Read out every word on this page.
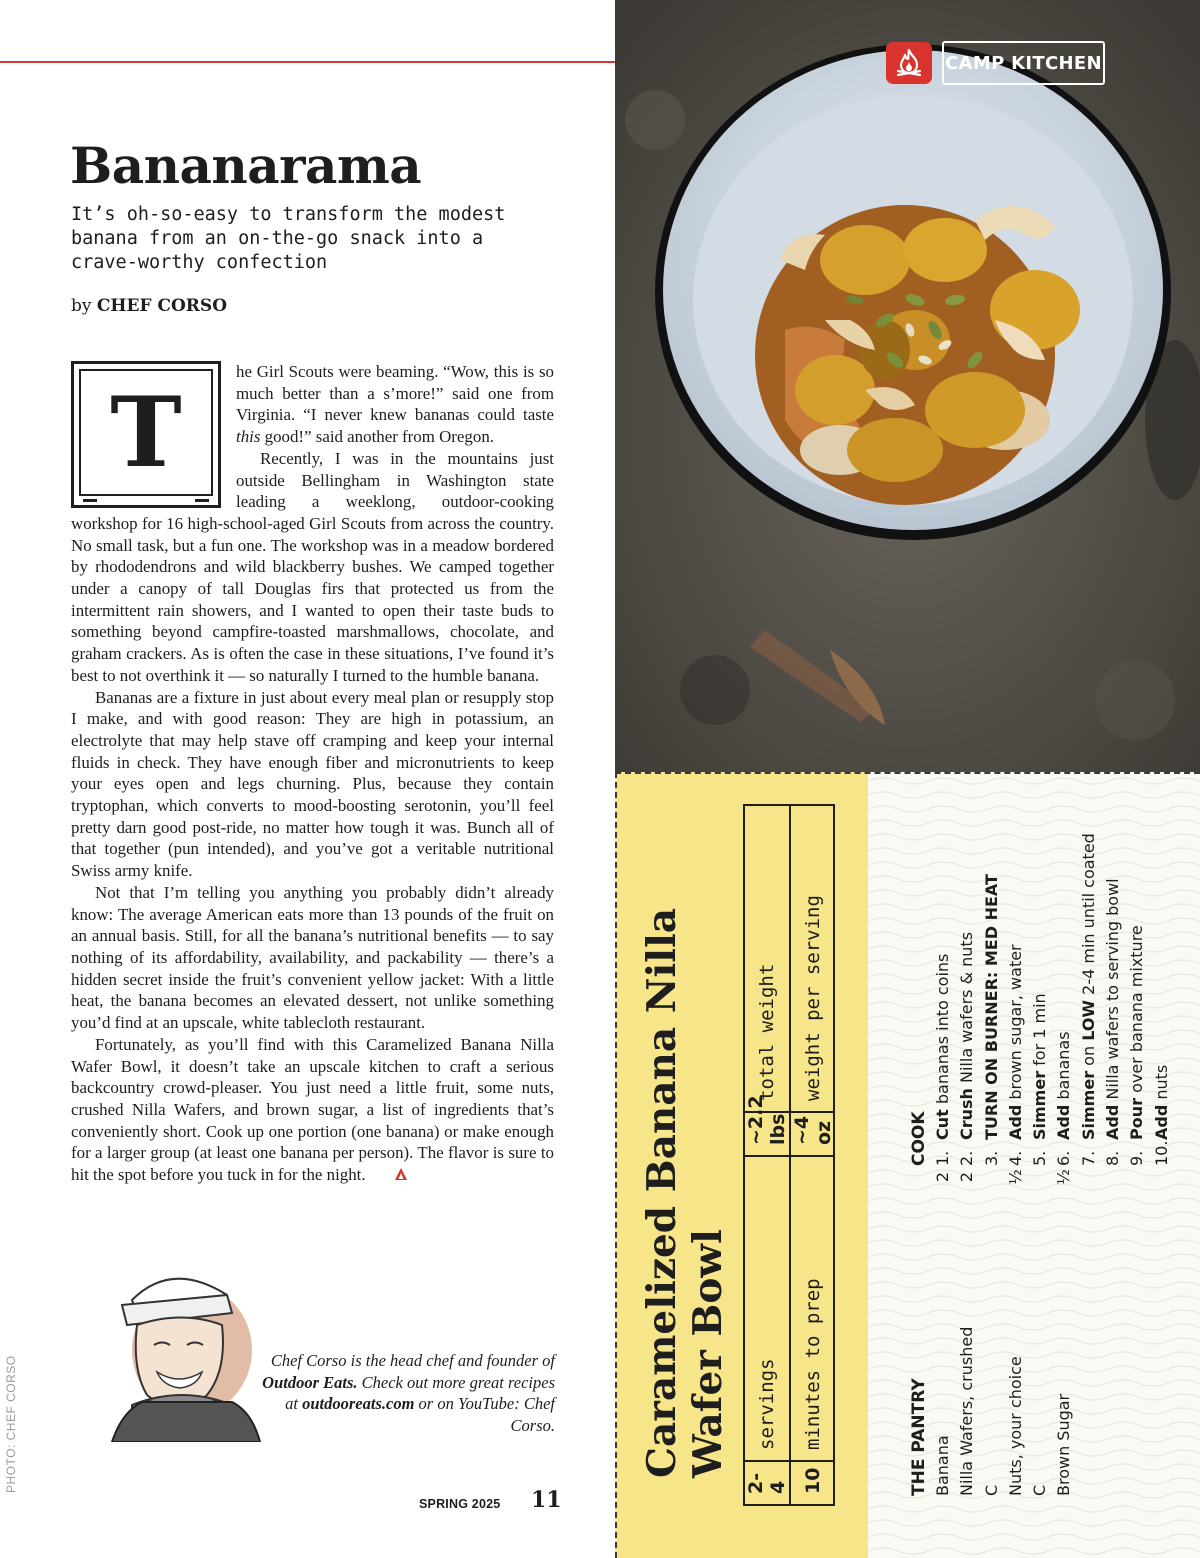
CAMP KITCHEN
Bananarama
It’s oh-so-easy to transform the modest banana from an on-the-go snack into a crave-worthy confection
by CHEF CORSO

T
he Girl Scouts were beaming. “Wow, this is so much better than a s’more!” said one from Virginia. “I never knew bananas could taste this good!” said another from Oregon.

Recently, I was in the mountains just outside Bellingham in Washington state leading a weeklong, outdoor-cooking workshop for 16 high-school-aged Girl Scouts from across the country. No small task, but a fun one. The workshop was in a meadow bordered by rhododendrons and wild blackberry bushes. We camped together under a canopy of tall Douglas firs that protected us from the intermittent rain showers, and I wanted to open their taste buds to something beyond campfire-toasted marshmallows, chocolate, and graham crackers. As is often the case in these situations, I’ve found it’s best to not overthink it — so naturally I turned to the humble banana.

Bananas are a fixture in just about every meal plan or resupply stop I make, and with good reason: They are high in potassium, an electrolyte that may help stave off cramping and keep your internal fluids in check. They have enough fiber and micronutrients to keep your eyes open and legs churning. Plus, because they contain tryptophan, which converts to mood-boosting serotonin, you’ll feel pretty darn good post-ride, no matter how tough it was. Bunch all of that together (pun intended), and you’ve got a veritable nutritional Swiss army knife.

Not that I’m telling you anything you probably didn’t already know: The average American eats more than 13 pounds of the fruit on an annual basis. Still, for all the banana’s nutritional benefits — to say nothing of its affordability, availability, and packability — there’s a hidden secret inside the fruit’s convenient yellow jacket: With a little heat, the banana becomes an elevated dessert, not unlike something you’d find at an upscale, white tablecloth restaurant.

Fortunately, as you’ll find with this Caramelized Banana Nilla Wafer Bowl, it doesn’t take an upscale kitchen to craft a serious backcountry crowd-pleaser. You just need a little fruit, some nuts, crushed Nilla Wafers, and brown sugar, a list of ingredients that’s conveniently short. Cook up one portion (one banana) or make enough for a larger group (at least one banana per person). The flavor is sure to hit the spot before you tuck in for the night.

Chef Corso is the head chef and founder of Outdoor Eats. Check out more great recipes at outdooreats.com or on YouTube: Chef Corso.
PHOTO: CHEF CORSO
SPRING 2025 11
Caramelized Banana Nilla Wafer Bowl
2-4
servings
~2.2 lbs
total weight
10
minutes to prep
~4 oz
weight per serving
THE PANTRY Banana
2
Nilla Wafers, crushed
2
C Nuts, your choice
½
C Brown Sugar
½
COOK 1.Cut bananas into coins
2.Crush Nilla wafers & nuts
3.TURN ON BURNER: MED HEAT
4.Add brown sugar, water
5.Simmer for 1 min
6.Add bananas
7.Simmer on LOW 2-4 min until coated
8.Add Nilla wafers to serving bowl
9.Pour over banana mixture
10.Add nuts
